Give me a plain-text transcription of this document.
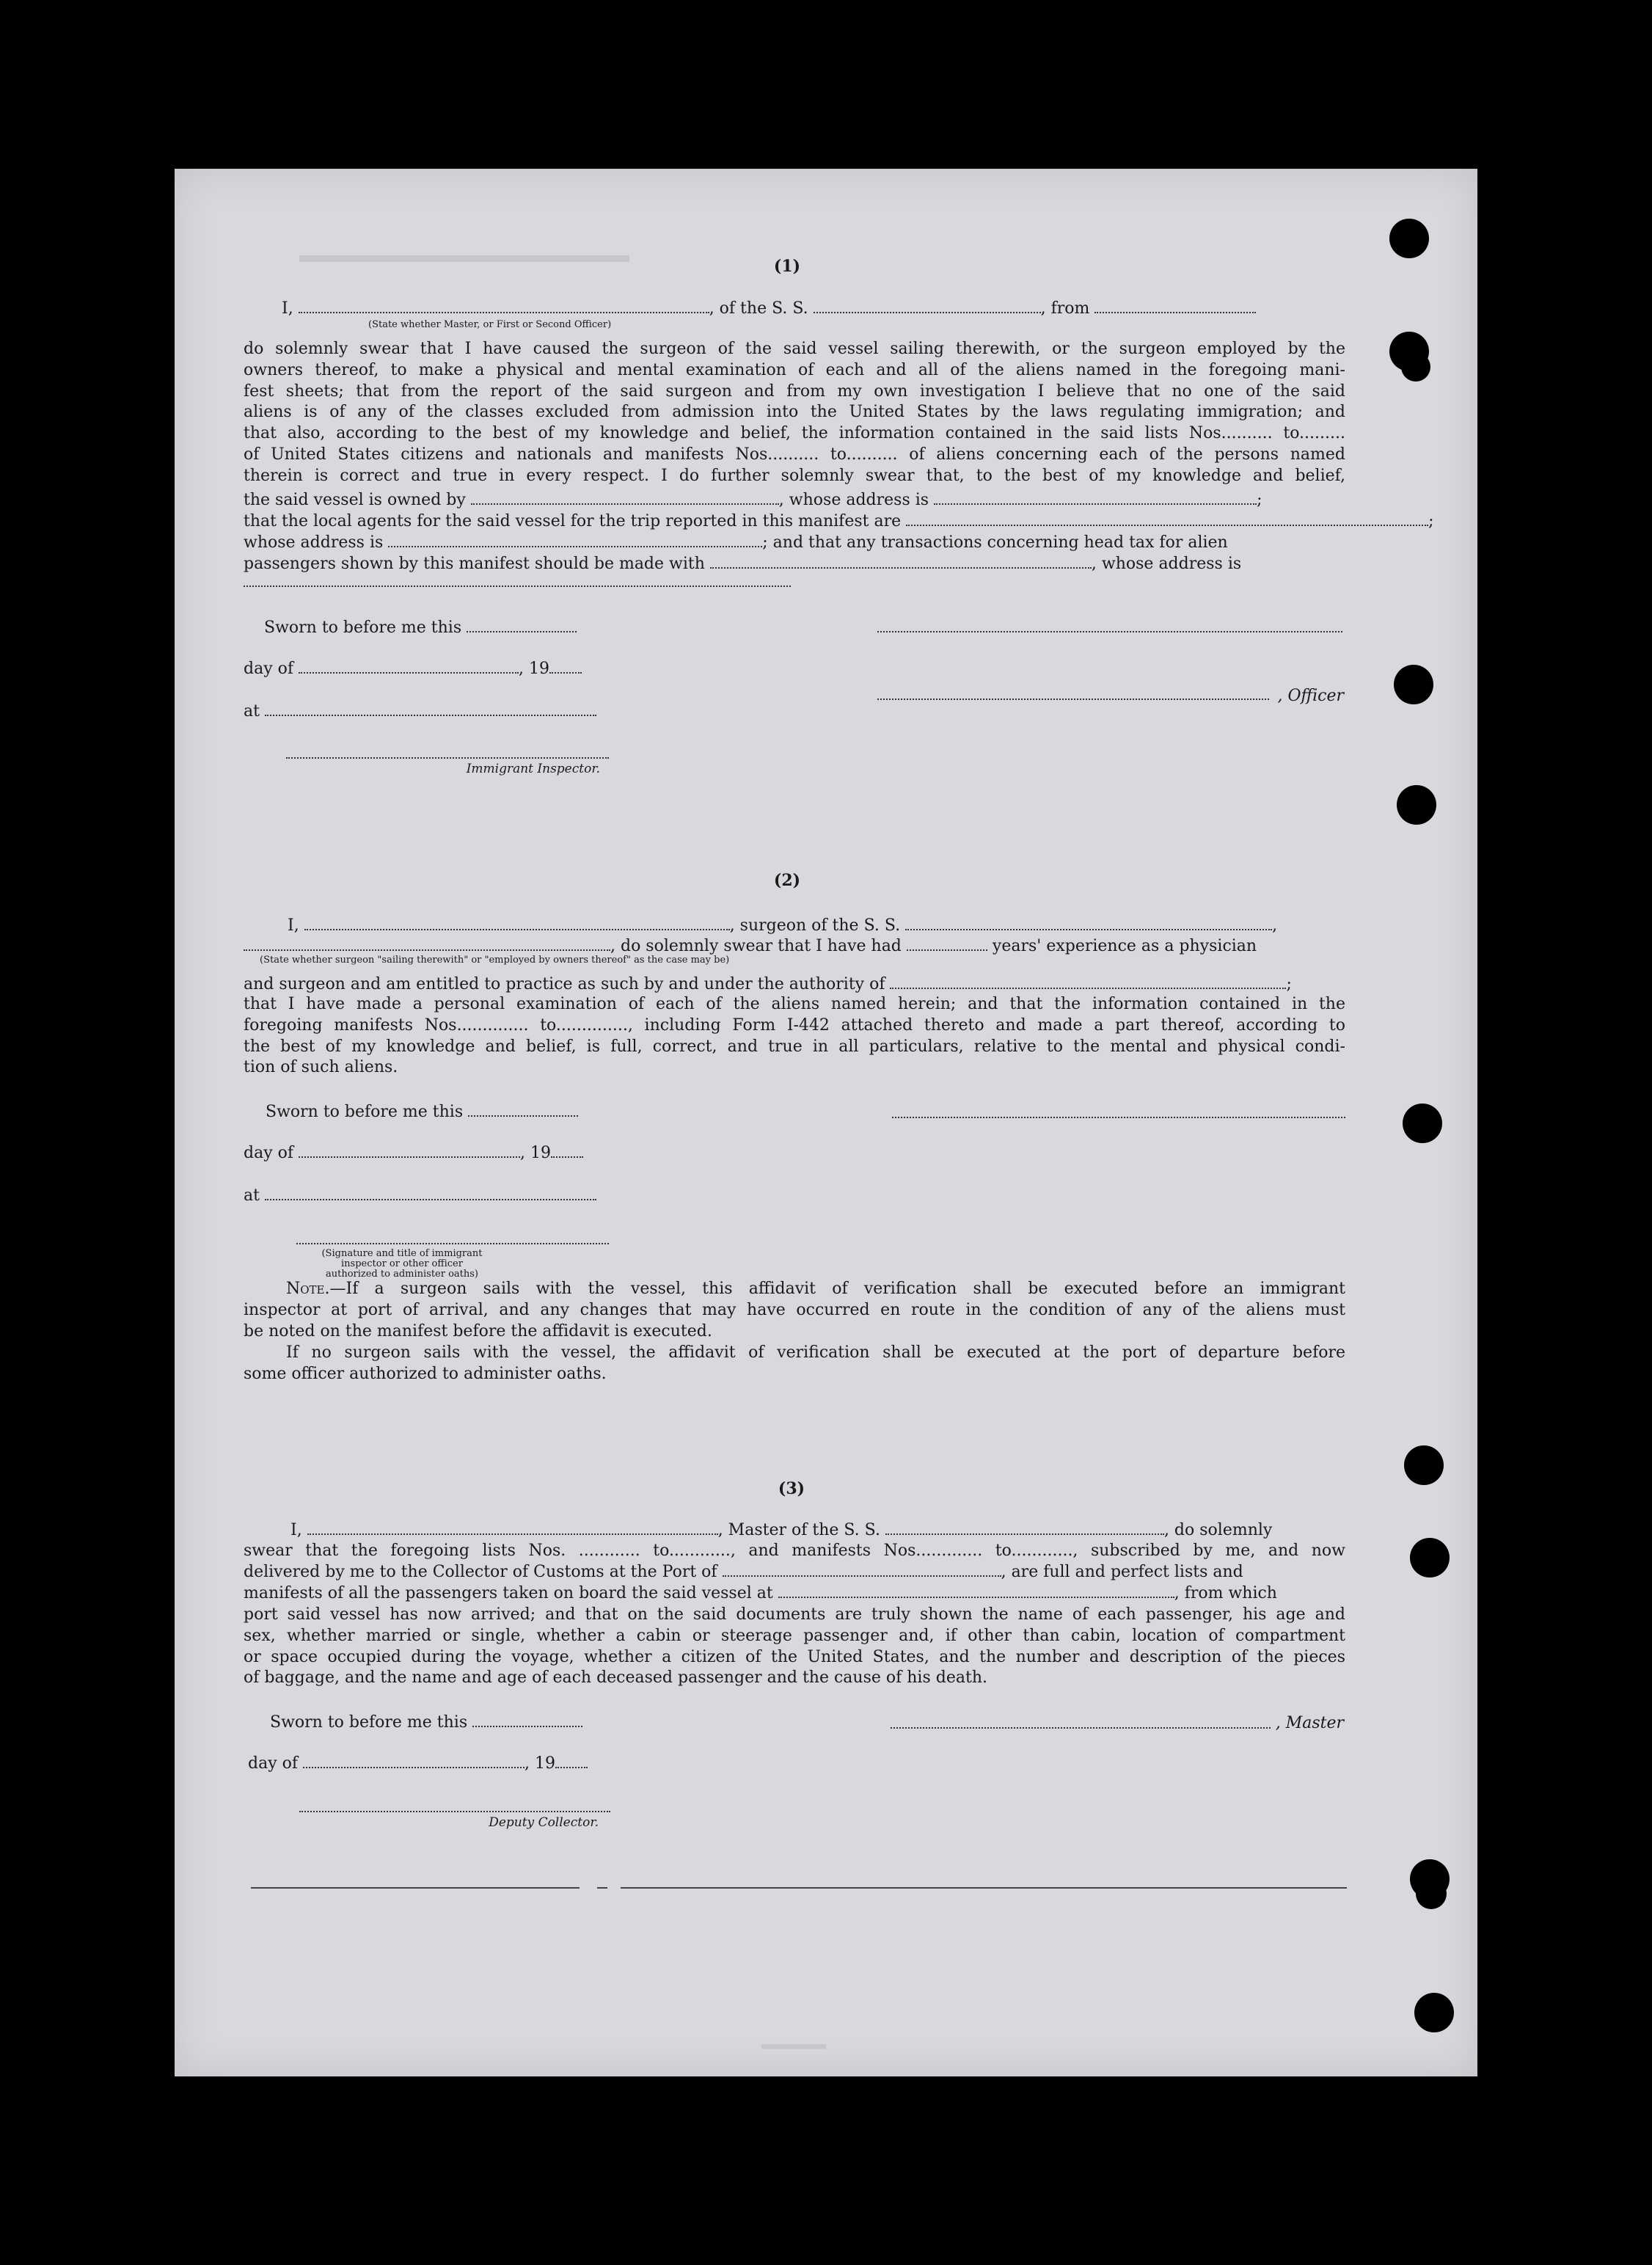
▬▬▬▬▬▬▬▬▬▬▬▬▬▬▬	(1)
I,	, of the S. S.	, from
(State whether Master, or First or Second Officer)
do solemnly swear that I have caused the surgeon of the said vessel sailing therewith, or the surgeon employed by the
owners thereof, to make a physical and mental examination of each and all of the aliens named in the foregoing mani-
fest sheets; that from the report of the said surgeon and from my own investigation I believe that no one of the said
aliens is of any of the classes excluded from admission into the United States by the laws regulating immigration; and
that also, according to the best of my knowledge and belief, the information contained in the said lists Nos.......... to.........
of United States citizens and nationals and manifests Nos.......... to.......... of aliens concerning each of the persons named
therein is correct and true in every respect. I do further solemnly swear that, to the best of my knowledge and belief,
the said vessel is owned by	, whose address is	;
that the local agents for the said vessel for the trip reported in this manifest are	;
whose address is	; and that any transactions concerning head tax for alien
passengers shown by this manifest should be made with	, whose address is
Sworn to before me this
day of	, 19
, Officer
at
Immigrant Inspector.
(2)
I,	, surgeon of the S. S.	,
, do solemnly swear that I have had	years' experience as a physician
(State whether surgeon "sailing therewith" or "employed by owners thereof" as the case may be)
and surgeon and am entitled to practice as such by and under the authority of	;
that I have made a personal examination of each of the aliens named herein; and that the information contained in the
foregoing manifests Nos.............. to.............., including Form I-442 attached thereto and made a part thereof, according to
the best of my knowledge and belief, is full, correct, and true in all particulars, relative to the mental and physical condi-
tion of such aliens.
Sworn to before me this
day of	, 19
at
(Signature and title of immigrant inspector or other officer authorized to administer oaths)
Note.—If a surgeon sails with the vessel, this affidavit of verification shall be executed before an immigrant
inspector at port of arrival, and any changes that may have occurred en route in the condition of any of the aliens must
be noted on the manifest before the affidavit is executed.
If no surgeon sails with the vessel, the affidavit of verification shall be executed at the port of departure before
some officer authorized to administer oaths.
(3)
I,	, Master of the S. S.	, do solemnly
swear that the foregoing lists Nos. ............ to............, and manifests Nos............. to............, subscribed by me, and now
delivered by me to the Collector of Customs at the Port of	, are full and perfect lists and
manifests of all the passengers taken on board the said vessel at	, from which
port said vessel has now arrived; and that on the said documents are truly shown the name of each passenger, his age and
sex, whether married or single, whether a cabin or steerage passenger and, if other than cabin, location of compartment
or space occupied during the voyage, whether a citizen of the United States, and the number and description of the pieces
of baggage, and the name and age of each deceased passenger and the cause of his death.
Sworn to before me this	, Master
day of	, 19
Deputy Collector.
▬▬▬▬
